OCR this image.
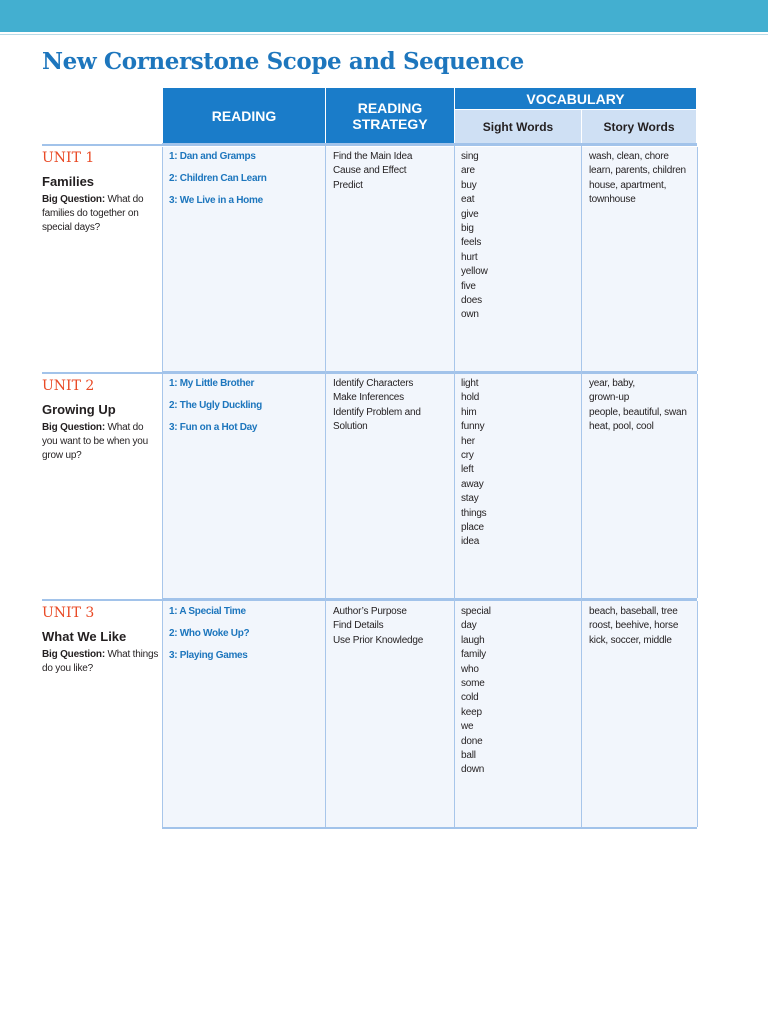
New Cornerstone Scope and Sequence
READING	READING STRATEGY
VOCABULARY
Sight Words	Story Words
UNIT 1
Families
Big Question: What do families do together on special days?
1: Dan and Gramps
2: Children Can Learn
3: We Live in a Home
Find the Main Idea
Cause and Effect
Predict
sing
are
buy
eat
give
big
feels
hurt
yellow
five
does
own
wash, clean, chore
learn, parents, children
house, apartment,
townhouse
UNIT 2
Growing Up
Big Question: What do you want to be when you grow up?
1: My Little Brother
2: The Ugly Duckling
3: Fun on a Hot Day
Identify Characters
Make Inferences
Identify Problem and
Solution
light
hold
him
funny
her
cry
left
away
stay
things
place
idea
year, baby,
grown-up
people, beautiful, swan
heat, pool, cool
UNIT 3
What We Like
Big Question: What things do you like?
1: A Special Time
2: Who Woke Up?
3: Playing Games
Author’s Purpose
Find Details
Use Prior Knowledge
special
day
laugh
family
who
some
cold
keep
we
done
ball
down
beach, baseball, tree
roost, beehive, horse
kick, soccer, middle
